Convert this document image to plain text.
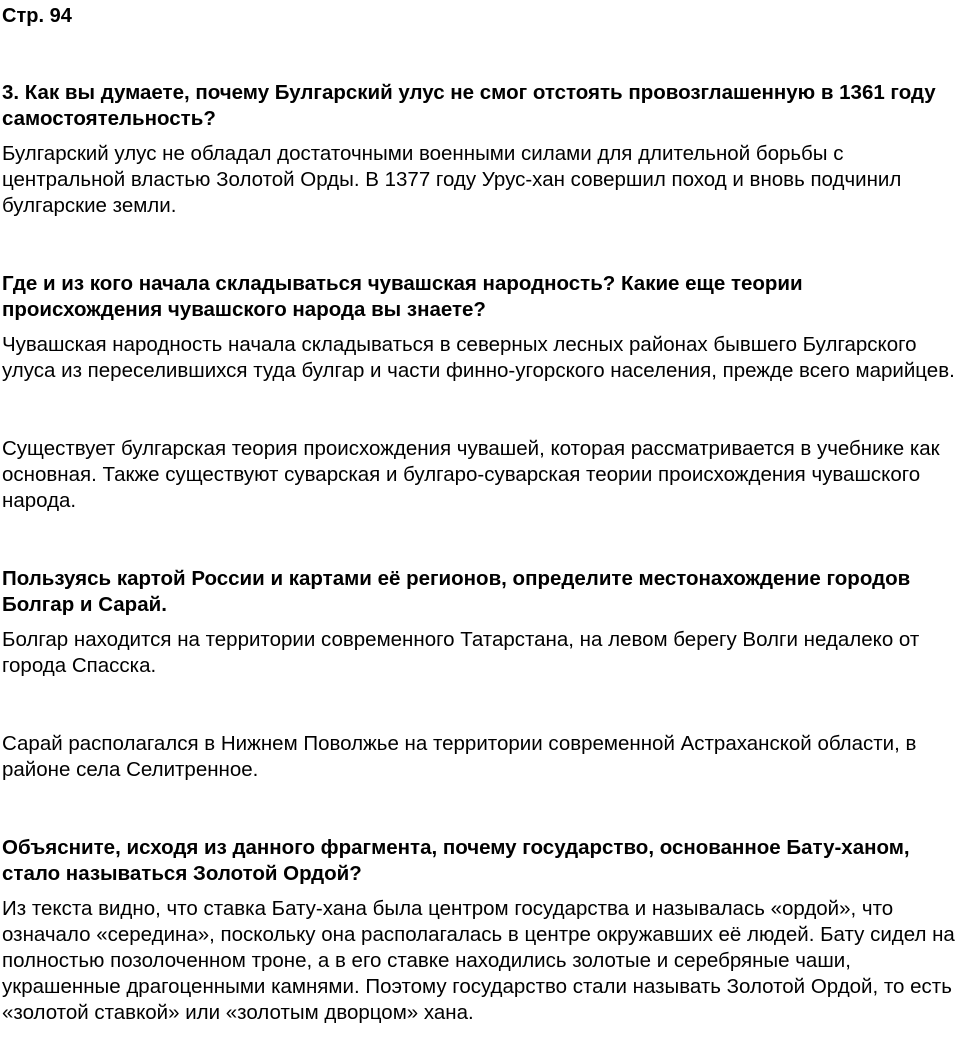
Стр. 94
3. Как вы думаете, почему Булгарский улус не смог отстоять провозглашенную в 1361 году самостоятельность?

Булгарский улус не обладал достаточными военными силами для длительной борьбы с центральной властью Золотой Орды. В 1377 году Урус-хан совершил поход и вновь подчинил булгарские земли.

Где и из кого начала складываться чувашская народность? Какие еще теории происхождения чувашского народа вы знаете?

Чувашская народность начала складываться в северных лесных районах бывшего Булгарского улуса из переселившихся туда булгар и части финно-угорского населения, прежде всего марийцев.

Существует булгарская теория происхождения чувашей, которая рассматривается в учебнике как основная. Также существуют суварская и булгаро-суварская теории происхождения чувашского народа.

Пользуясь картой России и картами её регионов, определите местонахождение городов Болгар и Сарай.

Болгар находится на территории современного Татарстана, на левом берегу Волги недалеко от города Спасска.

Сарай располагался в Нижнем Поволжье на территории современной Астраханской области, в районе села Селитренное.

Объясните, исходя из данного фрагмента, почему государство, основанное Бату-ханом, стало называться Золотой Ордой?

Из текста видно, что ставка Бату-хана была центром государства и называлась «ордой», что означало «середина», поскольку она располагалась в центре окружавших её людей. Бату сидел на полностью позолоченном троне, а в его ставке находились золотые и серебряные чаши, украшенные драгоценными камнями. Поэтому государство стали называть Золотой Ордой, то есть «золотой ставкой» или «золотым дворцом» хана.
